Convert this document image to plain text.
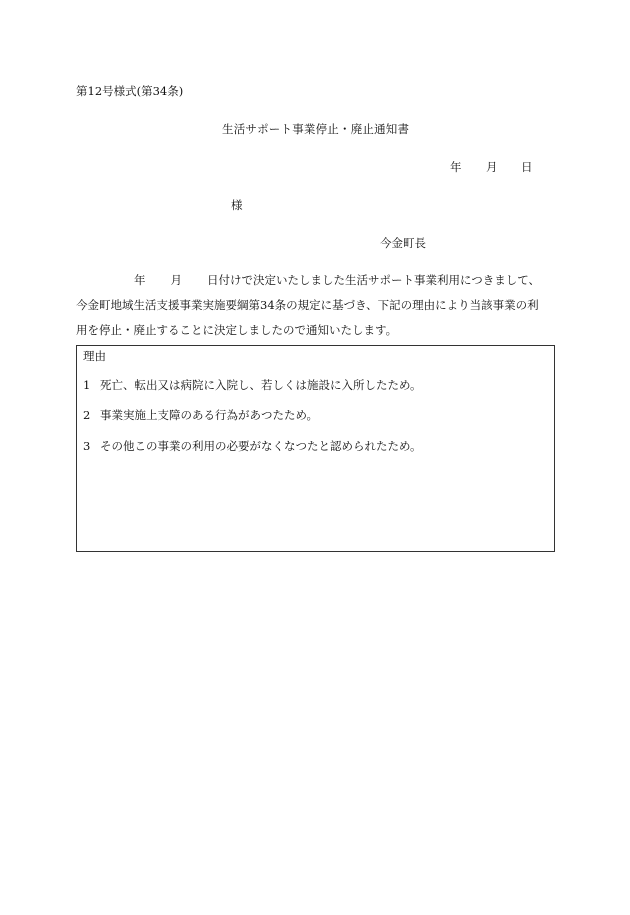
第12号様式(第34条)
生活サポート事業停止・廃止通知書
年 月 日
様
今金町長
年 月 日付けで決定いたしました生活サポート事業利用につきまして、
今金町地域生活支援事業実施要綱第34条の規定に基づき、下記の理由により当該事業の利
用を停止・廃止することに決定しましたので通知いたします。
理由
1 死亡、転出又は病院に入院し、若しくは施設に入所したため。
2 事業実施上支障のある行為があつたため。
3 その他この事業の利用の必要がなくなつたと認められたため。
